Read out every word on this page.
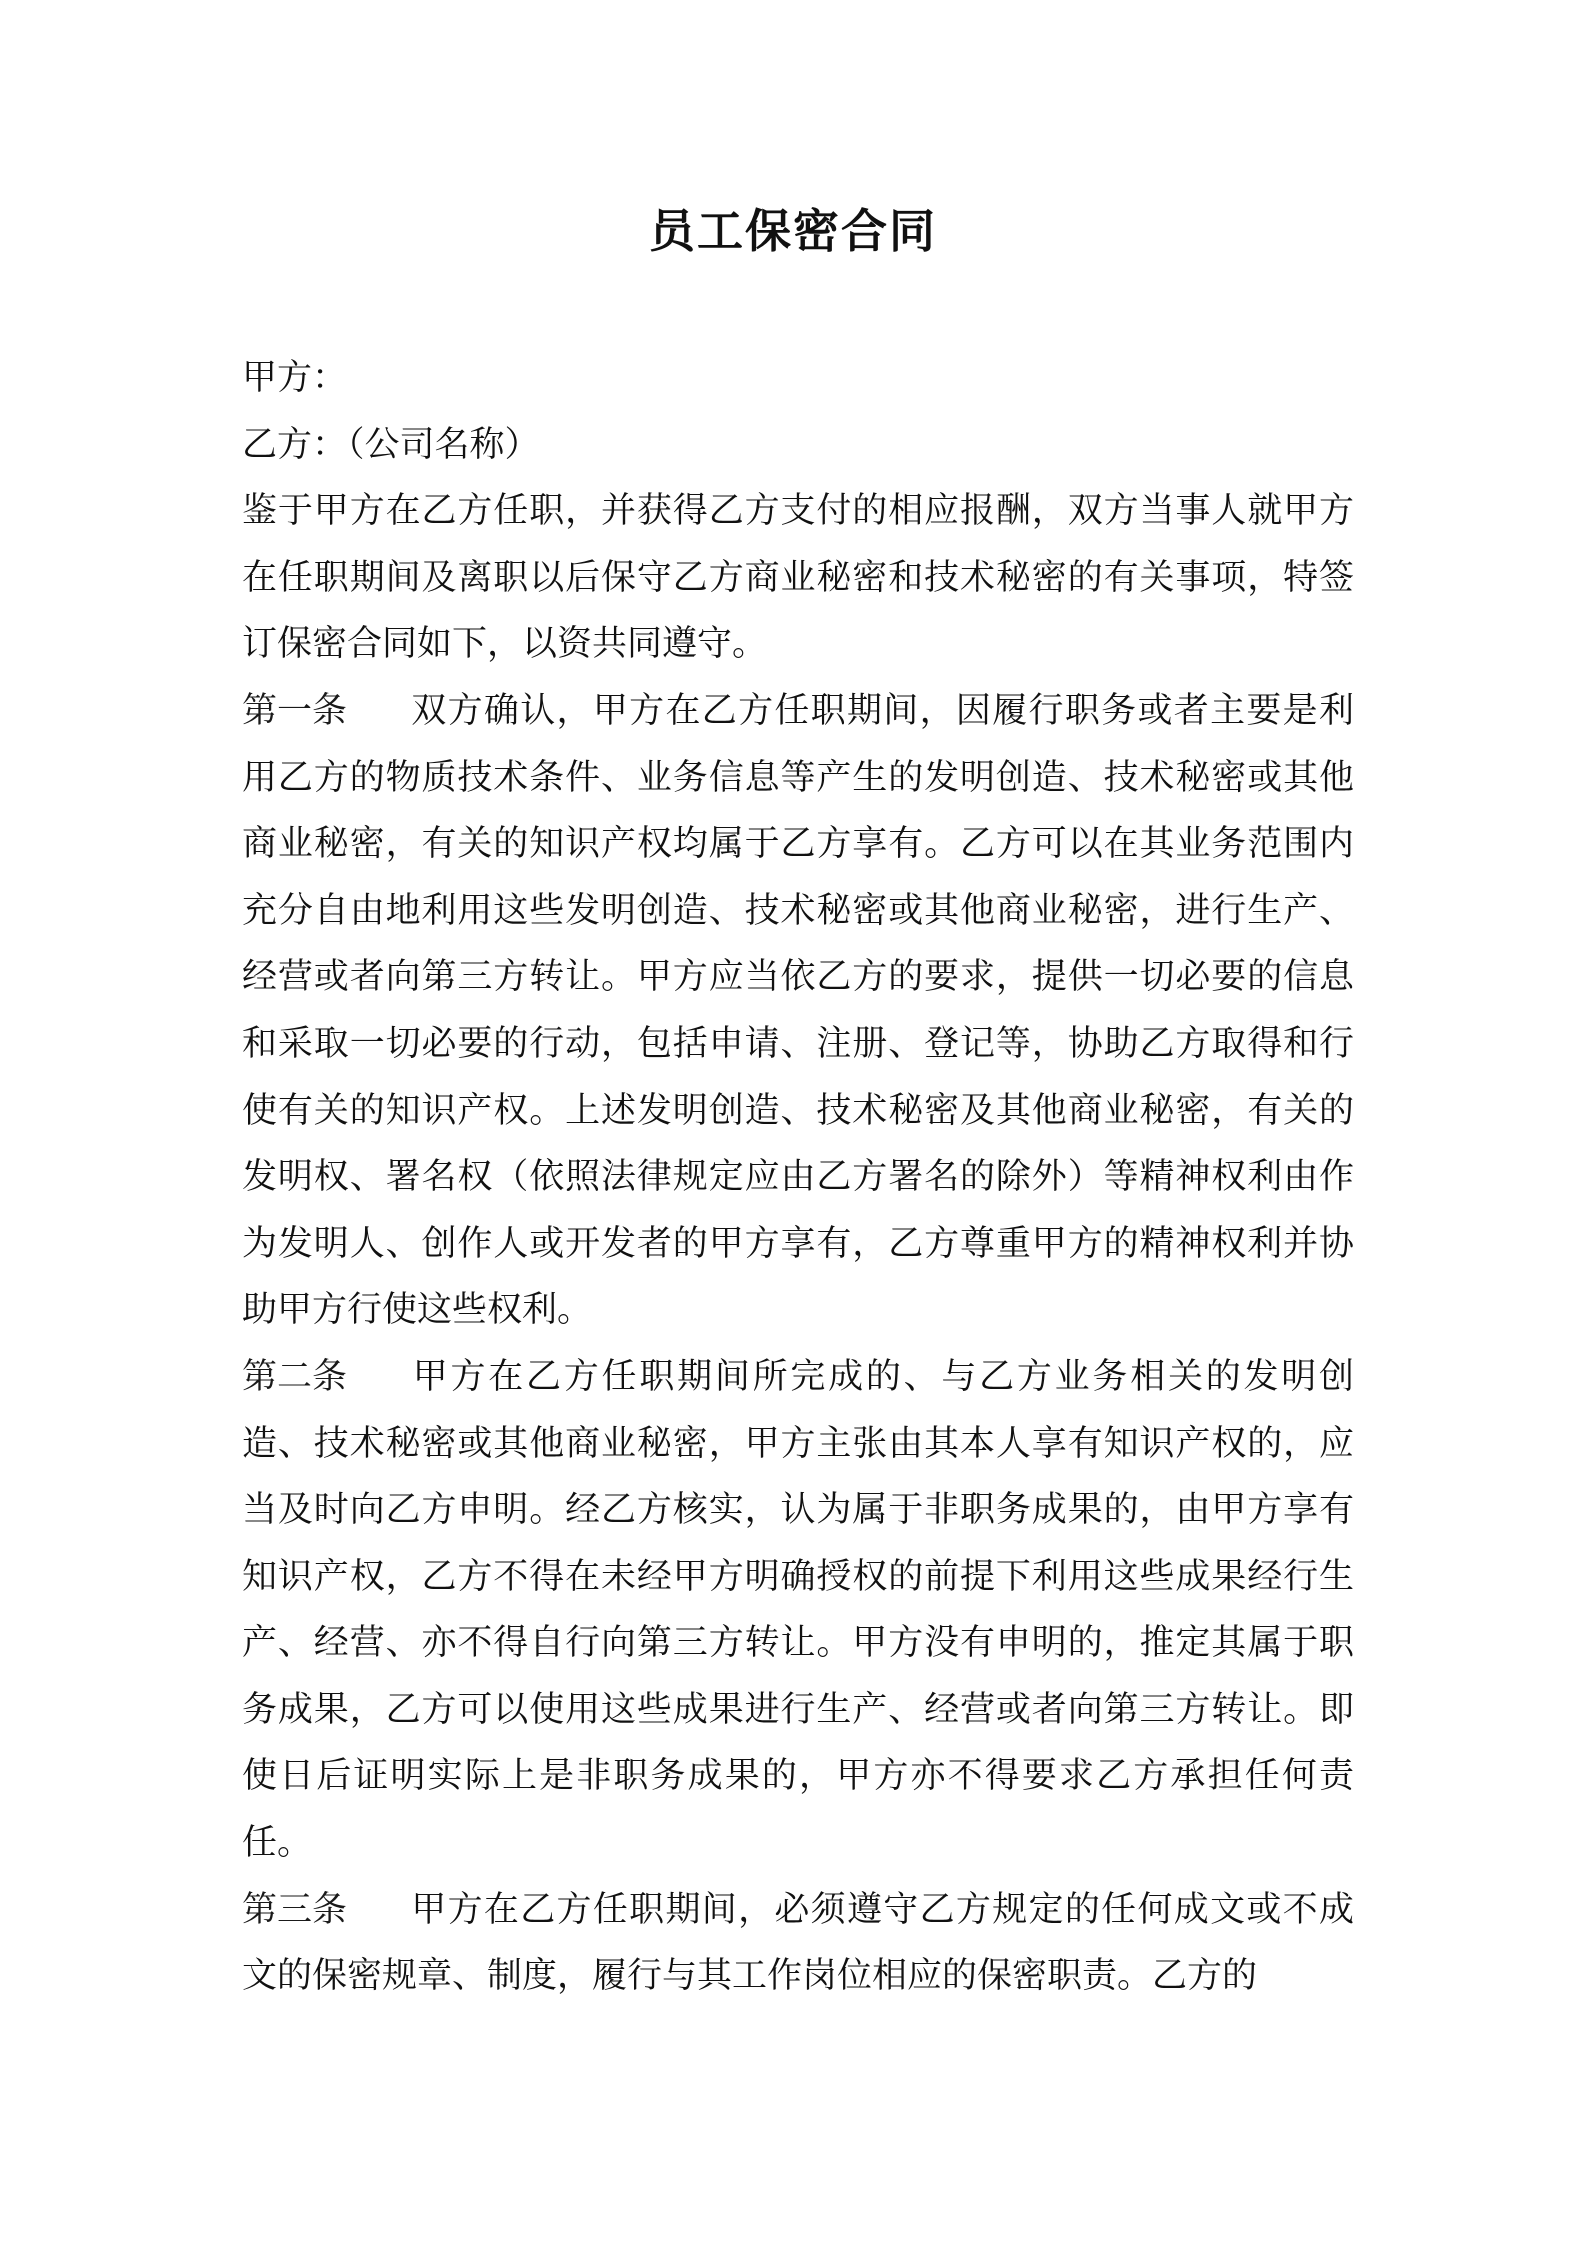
员工保密合同

甲方：

乙方：（公司名称）

鉴于甲方在乙方任职，并获得乙方支付的相应报酬，双方当事人就甲方在任职期间及离职以后保守乙方商业秘密和技术秘密的有关事项，特签订保密合同如下，以资共同遵守。

第一条 双方确认，甲方在乙方任职期间，因履行职务或者主要是利用乙方的物质技术条件、业务信息等产生的发明创造、技术秘密或其他商业秘密，有关的知识产权均属于乙方享有。乙方可以在其业务范围内充分自由地利用这些发明创造、技术秘密或其他商业秘密，进行生产、经营或者向第三方转让。甲方应当依乙方的要求，提供一切必要的信息和采取一切必要的行动，包括申请、注册、登记等，协助乙方取得和行使有关的知识产权。上述发明创造、技术秘密及其他商业秘密，有关的发明权、署名权（依照法律规定应由乙方署名的除外）等精神权利由作为发明人、创作人或开发者的甲方享有，乙方尊重甲方的精神权利并协助甲方行使这些权利。

第二条 甲方在乙方任职期间所完成的、与乙方业务相关的发明创造、技术秘密或其他商业秘密，甲方主张由其本人享有知识产权的，应当及时向乙方申明。经乙方核实，认为属于非职务成果的，由甲方享有知识产权，乙方不得在未经甲方明确授权的前提下利用这些成果经行生产、经营、亦不得自行向第三方转让。甲方没有申明的，推定其属于职务成果，乙方可以使用这些成果进行生产、经营或者向第三方转让。即使日后证明实际上是非职务成果的，甲方亦不得要求乙方承担任何责任。

第三条 甲方在乙方任职期间，必须遵守乙方规定的任何成文或不成文的保密规章、制度，履行与其工作岗位相应的保密职责。乙方的
